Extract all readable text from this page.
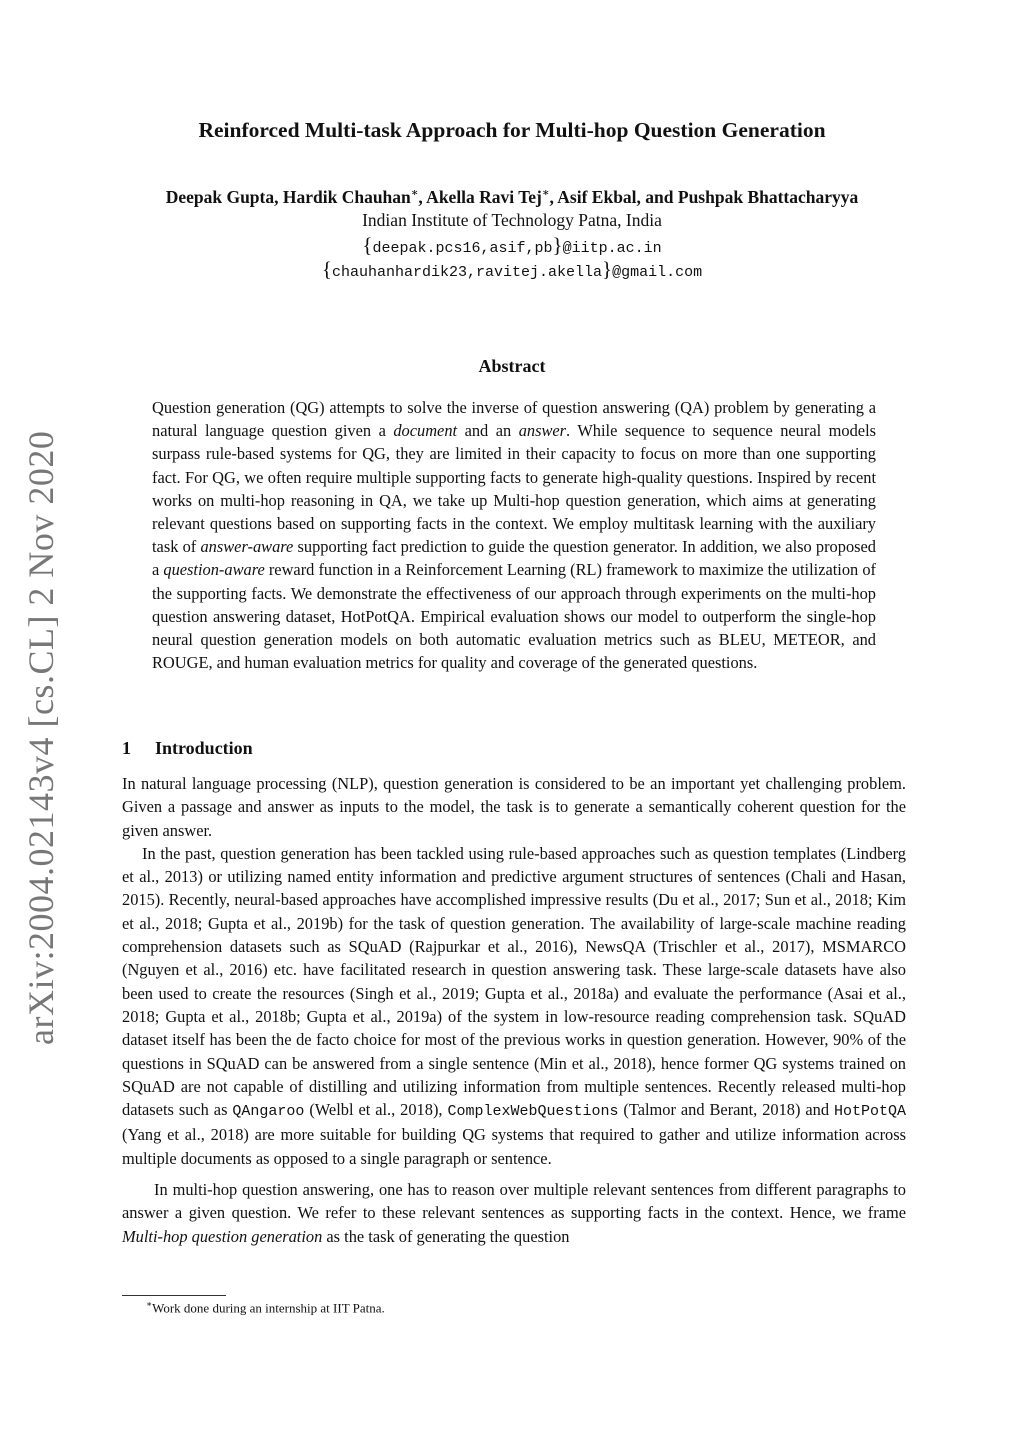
arXiv:2004.02143v4 [cs.CL] 2 Nov 2020
Reinforced Multi-task Approach for Multi-hop Question Generation
Deepak Gupta, Hardik Chauhan∗, Akella Ravi Tej∗, Asif Ekbal, and Pushpak Bhattacharyya
Indian Institute of Technology Patna, India
{deepak.pcs16,asif,pb}@iitp.ac.in
{chauhanhardik23,ravitej.akella}@gmail.com
Abstract
Question generation (QG) attempts to solve the inverse of question answering (QA) problem by generating a natural language question given a document and an answer. While sequence to sequence neural models surpass rule-based systems for QG, they are limited in their capacity to focus on more than one supporting fact. For QG, we often require multiple supporting facts to generate high-quality questions. Inspired by recent works on multi-hop reasoning in QA, we take up Multi-hop question generation, which aims at generating relevant questions based on supporting facts in the context. We employ multitask learning with the auxiliary task of answer-aware supporting fact prediction to guide the question generator. In addition, we also proposed a question-aware reward function in a Reinforcement Learning (RL) framework to maximize the utilization of the supporting facts. We demonstrate the effectiveness of our approach through experiments on the multi-hop question answering dataset, HotPotQA. Empirical evaluation shows our model to outperform the single-hop neural question generation models on both automatic evaluation metrics such as BLEU, METEOR, and ROUGE, and human evaluation metrics for quality and coverage of the generated questions.
1 Introduction

In natural language processing (NLP), question generation is considered to be an important yet challenging problem. Given a passage and answer as inputs to the model, the task is to generate a semantically coherent question for the given answer.

In the past, question generation has been tackled using rule-based approaches such as question templates (Lindberg et al., 2013) or utilizing named entity information and predictive argument structures of sentences (Chali and Hasan, 2015). Recently, neural-based approaches have accomplished impressive results (Du et al., 2017; Sun et al., 2018; Kim et al., 2018; Gupta et al., 2019b) for the task of question generation. The availability of large-scale machine reading comprehension datasets such as SQuAD (Rajpurkar et al., 2016), NewsQA (Trischler et al., 2017), MSMARCO (Nguyen et al., 2016) etc. have facilitated research in question answering task. These large-scale datasets have also been used to create the resources (Singh et al., 2019; Gupta et al., 2018a) and evaluate the performance (Asai et al., 2018; Gupta et al., 2018b; Gupta et al., 2019a) of the system in low-resource reading comprehension task. SQuAD dataset itself has been the de facto choice for most of the previous works in question generation. However, 90% of the questions in SQuAD can be answered from a single sentence (Min et al., 2018), hence former QG systems trained on SQuAD are not capable of distilling and utilizing information from multiple sentences. Recently released multi-hop datasets such as QAngaroo (Welbl et al., 2018), ComplexWebQuestions (Talmor and Berant, 2018) and HotPotQA (Yang et al., 2018) are more suitable for building QG systems that required to gather and utilize information across multiple documents as opposed to a single paragraph or sentence.

In multi-hop question answering, one has to reason over multiple relevant sentences from different paragraphs to answer a given question. We refer to these relevant sentences as supporting facts in the context. Hence, we frame Multi-hop question generation as the task of generating the question

∗Work done during an internship at IIT Patna.
